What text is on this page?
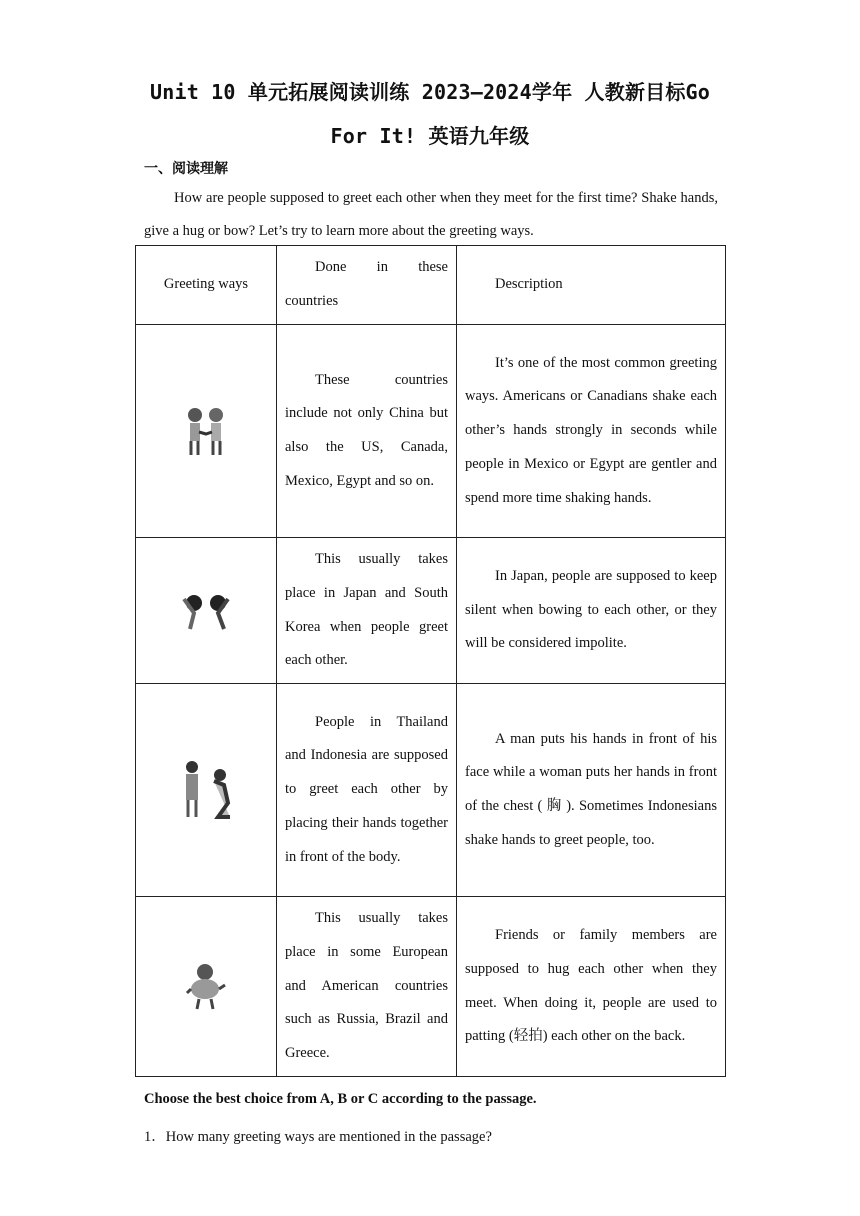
Unit 10 单元拓展阅读训练 2023—2024学年 人教新目标Go
For It! 英语九年级
一、阅读理解
How are people supposed to greet each other when they meet for the first time? Shake hands, give a hug or bow? Let’s try to learn more about the greeting ways.
Greeting ways	Done in these countries	Description

These countries include not only China but also the US, Canada, Mexico, Egypt and so on.	It’s one of the most common greeting ways. Americans or Canadians shake each other’s hands strongly in seconds while people in Mexico or Egypt are gentler and spend more time shaking hands.

This usually takes place in Japan and South Korea when people greet each other.	In Japan, people are supposed to keep silent when bowing to each other, or they will be considered impolite.

People in Thailand and Indonesia are supposed to greet each other by placing their hands together in front of the body.	A man puts his hands in front of his face while a woman puts her hands in front of the chest ( 胸 ). Sometimes Indonesians shake hands to greet people, too.

This usually takes place in some European and American countries such as Russia, Brazil and Greece.	Friends or family members are supposed to hug each other when they meet. When doing it, people are used to patting (轻拍) each other on the back.

Choose the best choice from A, B or C according to the passage.
1．How many greeting ways are mentioned in the passage?
